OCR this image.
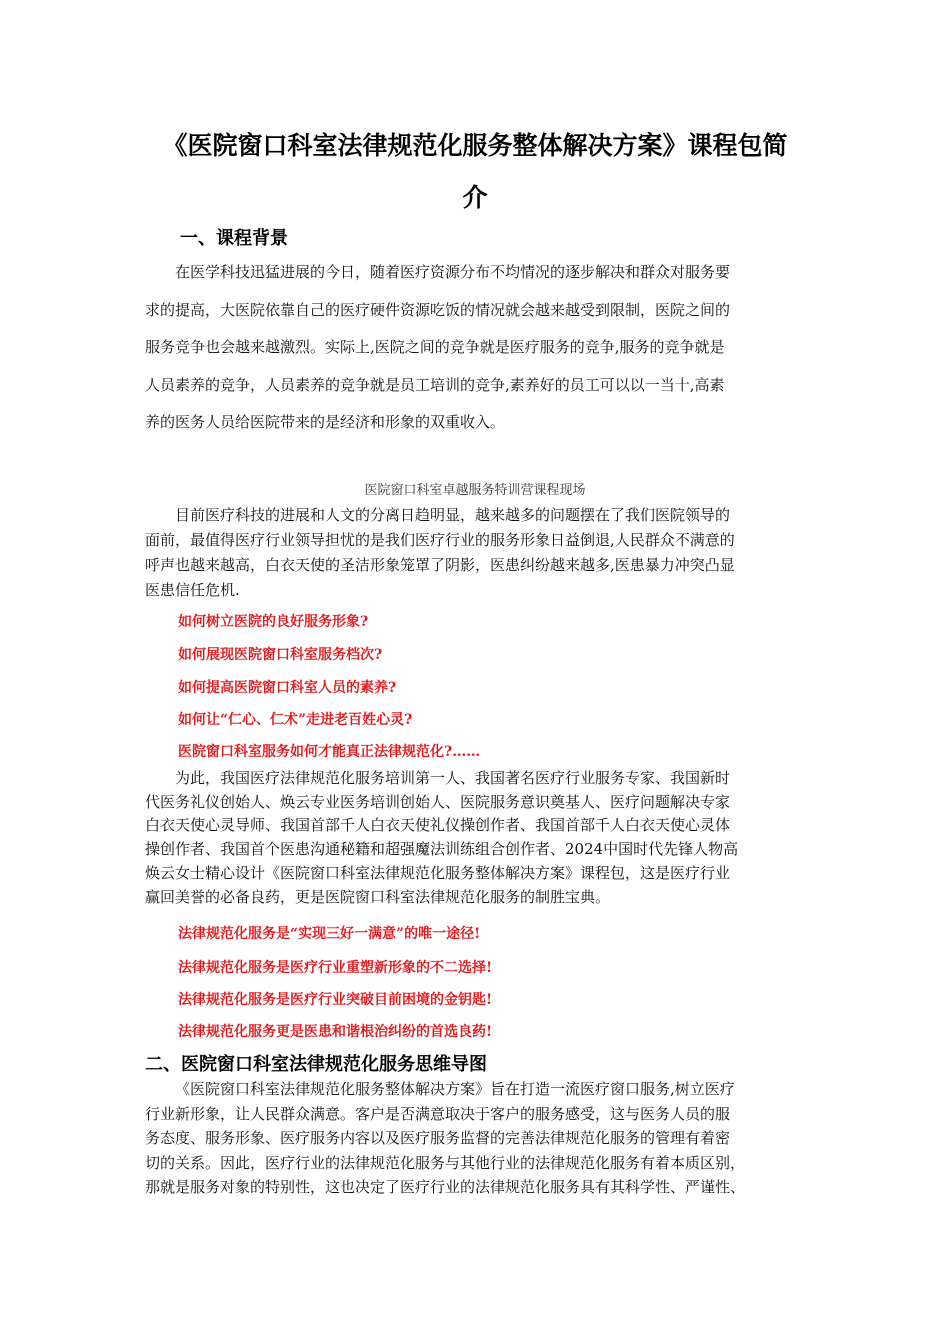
《医院窗口科室法律规范化服务整体解决方案》课程包简
介
一、课程背景
在医学科技迅猛进展的今日，随着医疗资源分布不均情况的逐步解决和群众对服务要
求的提高，大医院依靠自己的医疗硬件资源吃饭的情况就会越来越受到限制，医院之间的
服务竞争也会越来越激烈。实际上,医院之间的竞争就是医疗服务的竞争,服务的竞争就是
人员素养的竞争，人员素养的竞争就是员工培训的竞争,素养好的员工可以以一当十,高素
养的医务人员给医院带来的是经济和形象的双重收入。
医院窗口科室卓越服务特训营课程现场
目前医疗科技的进展和人文的分离日趋明显，越来越多的问题摆在了我们医院领导的
面前，最值得医疗行业领导担忧的是我们医疗行业的服务形象日益倒退,人民群众不满意的
呼声也越来越高，白衣天使的圣洁形象笼罩了阴影，医患纠纷越来越多,医患暴力冲突凸显
医患信任危机.
如何树立医院的良好服务形象?
如何展现医院窗口科室服务档次?
如何提高医院窗口科室人员的素养?
如何让“仁心、仁术”走进老百姓心灵?
医院窗口科室服务如何才能真正法律规范化?……
为此，我国医疗法律规范化服务培训第一人、我国著名医疗行业服务专家、我国新时
代医务礼仪创始人、焕云专业医务培训创始人、医院服务意识奠基人、医疗问题解决专家
白衣天使心灵导师、我国首部千人白衣天使礼仪操创作者、我国首部千人白衣天使心灵体
操创作者、我国首个医患沟通秘籍和超强魔法训练组合创作者、2024中国时代先锋人物高
焕云女士精心设计《医院窗口科室法律规范化服务整体解决方案》课程包，这是医疗行业
赢回美誉的必备良药，更是医院窗口科室法律规范化服务的制胜宝典。
法律规范化服务是“实现三好一满意”的唯一途径!
法律规范化服务是医疗行业重塑新形象的不二选择!
法律规范化服务是医疗行业突破目前困境的金钥匙!
法律规范化服务更是医患和谐根治纠纷的首选良药!
二、医院窗口科室法律规范化服务思维导图
《医院窗口科室法律规范化服务整体解决方案》旨在打造一流医疗窗口服务,树立医疗
行业新形象，让人民群众满意。客户是否满意取决于客户的服务感受，这与医务人员的服
务态度、服务形象、医疗服务内容以及医疗服务监督的完善法律规范化服务的管理有着密
切的关系。因此，医疗行业的法律规范化服务与其他行业的法律规范化服务有着本质区别，
那就是服务对象的特别性，这也决定了医疗行业的法律规范化服务具有其科学性、严谨性、
